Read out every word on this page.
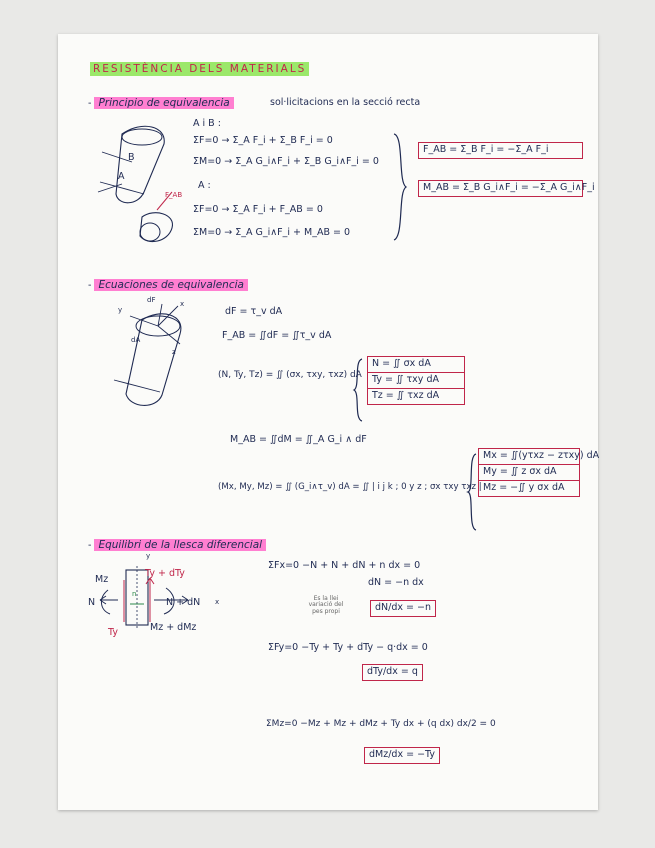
RESISTÈNCIA DELS MATERIALS
- Principio de equivalencia	sol·licitacions en la secció recta
B
A
F_AB
A i B :
ΣF=0 → Σ_A F_i + Σ_B F_i = 0
ΣM=0 → Σ_A G_i∧F_i + Σ_B G_i∧F_i = 0
A :
ΣF=0 → Σ_A F_i + F_AB = 0
ΣM=0 → Σ_A G_i∧F_i + M_AB = 0
F_AB = Σ_B F_i = −Σ_A F_i
M_AB = Σ_B G_i∧F_i = −Σ_A G_i∧F_i
- Ecuaciones de equivalencia
dF
dA
y
z
x
dF = τ_v dA
F_AB = ∬dF = ∬τ_v dA
(N, Ty, Tz) = ∬ (σx, τxy, τxz) dA
N = ∬ σx dA
Ty = ∬ τxy dA
Tz = ∬ τxz dA
M_AB = ∬dM = ∬_A G_i ∧ dF
(Mx, My, Mz) = ∬ (G_i∧τ_v) dA = ∬ | i j k ; 0 y z ; σx τxy τxz |
Mx = ∬(yτxz − zτxy) dA
My = ∬ z σx dA
Mz = −∬ y σx dA
- Equilibri de la llesca diferencial
Mz
N
Ty
Ty + dTy
N + dN
Mz + dMz
n
y
x
ΣFx=0 −N + N + dN + n dx = 0
dN = −n dx
Es la llei variació del pes propi	dN/dx = −n
ΣFy=0 −Ty + Ty + dTy − q·dx = 0
dTy/dx = q
ΣMz=0 −Mz + Mz + dMz + Ty dx + (q dx) dx/2 = 0
dMz/dx = −Ty
